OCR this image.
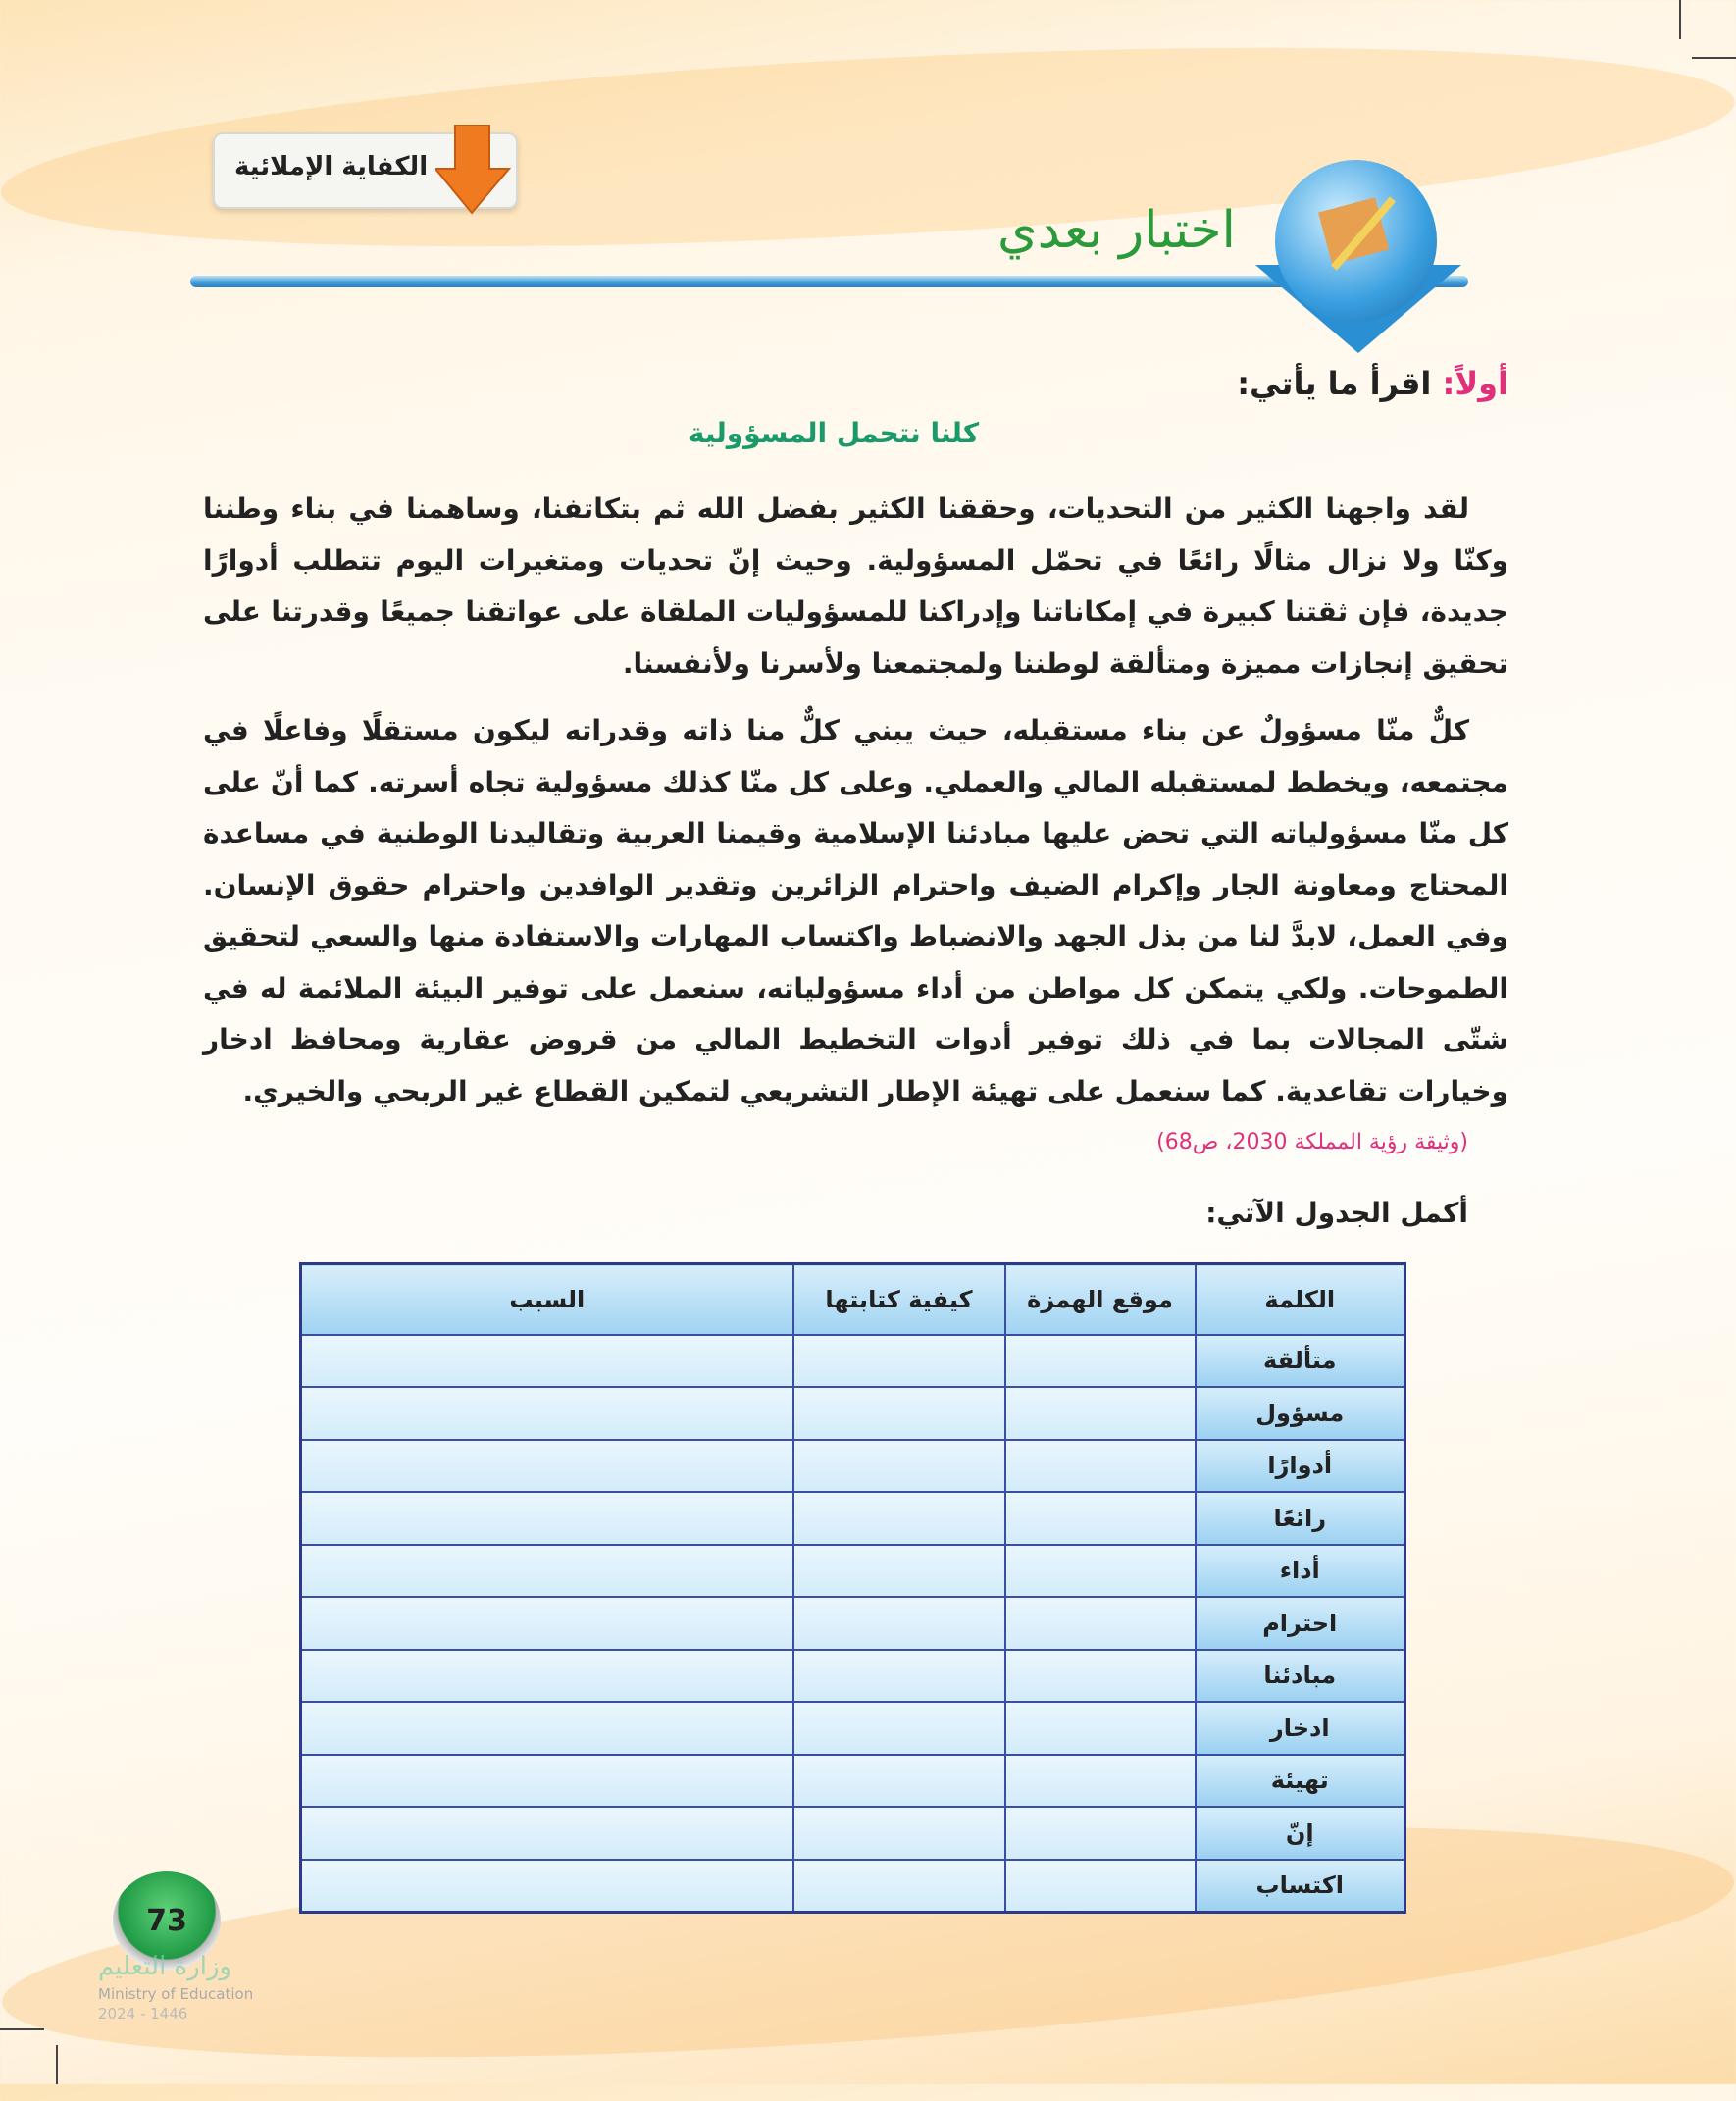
الكفاية الإملائية
اختبار بعدي
أولاً: اقرأ ما يأتي:
كلنا نتحمل المسؤولية

لقد واجهنا الكثير من التحديات، وحققنا الكثير بفضل الله ثم بتكاتفنا، وساهمنا في بناء وطننا وكنّا ولا نزال مثالًا رائعًا في تحمّل المسؤولية. وحيث إنّ تحديات ومتغيرات اليوم تتطلب أدوارًا جديدة، فإن ثقتنا كبيرة في إمكاناتنا وإدراكنا للمسؤوليات الملقاة على عواتقنا جميعًا وقدرتنا على تحقيق إنجازات مميزة ومتألقة لوطننا ولمجتمعنا ولأسرنا ولأنفسنا.

كلٌّ منّا مسؤولٌ عن بناء مستقبله، حيث يبني كلٌّ منا ذاته وقدراته ليكون مستقلًا وفاعلًا في مجتمعه، ويخطط لمستقبله المالي والعملي. وعلى كل منّا كذلك مسؤولية تجاه أسرته. كما أنّ على كل منّا مسؤولياته التي تحض عليها مبادئنا الإسلامية وقيمنا العربية وتقاليدنا الوطنية في مساعدة المحتاج ومعاونة الجار وإكرام الضيف واحترام الزائرين وتقدير الوافدين واحترام حقوق الإنسان. وفي العمل، لابدَّ لنا من بذل الجهد والانضباط واكتساب المهارات والاستفادة منها والسعي لتحقيق الطموحات. ولكي يتمكن كل مواطن من أداء مسؤولياته، سنعمل على توفير البيئة الملائمة له في شتّى المجالات بما في ذلك توفير أدوات التخطيط المالي من قروض عقارية ومحافظ ادخار وخيارات تقاعدية. كما سنعمل على تهيئة الإطار التشريعي لتمكين القطاع غير الربحي والخيري.

(وثيقة رؤية المملكة 2030، ص68)
أكمل الجدول الآتي:
الكلمة	موقع الهمزة	كيفية كتابتها	السبب
متألقة			
مسؤول			
أدوارًا			
رائعًا			
أداء			
احترام			
مبادئنا			
ادخار			
تهيئة			
إنّ			
اكتساب			
73
وزارة التعليم
Ministry of Education
2024 - 1446
